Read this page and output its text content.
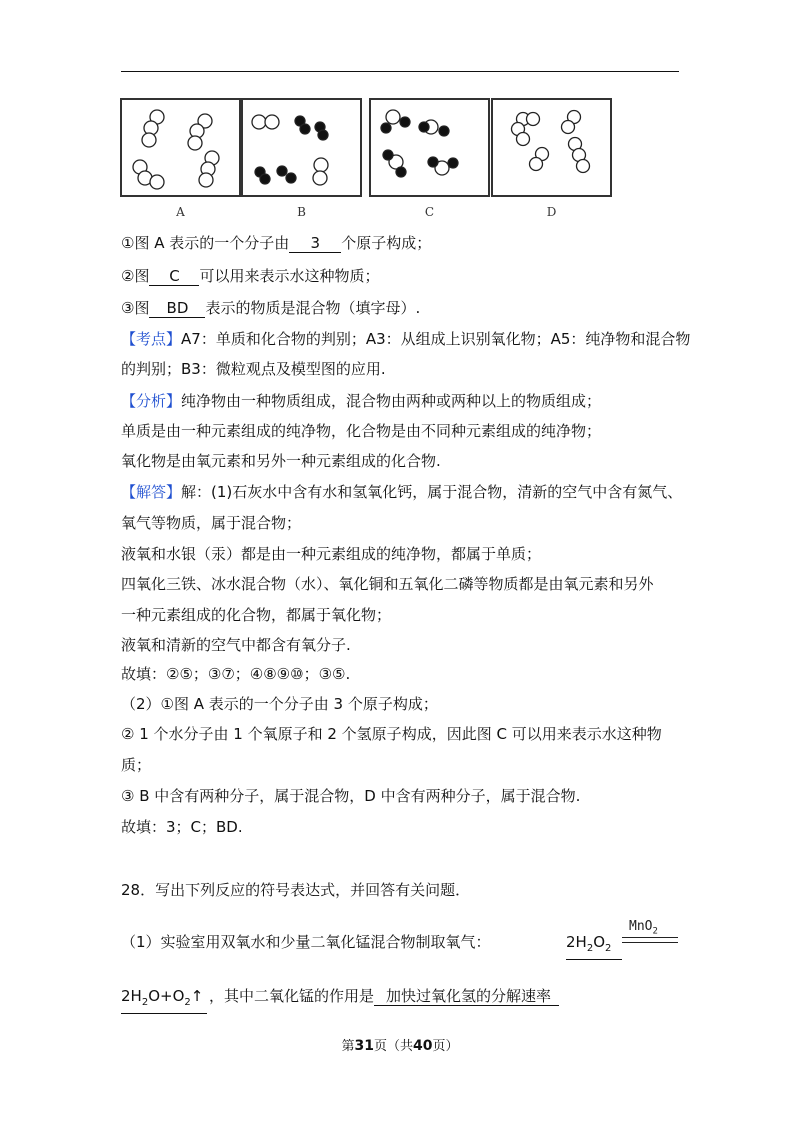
A	B	C	D
①图 A 表示的一个分子由 3 个原子构成；
②图 C 可以用来表示水这种物质；
③图 BD 表示的物质是混合物（填字母）.
【考点】A7：单质和化合物的判别；A3：从组成上识别氧化物；A5：纯净物和混合物
的判别；B3：微粒观点及模型图的应用.
【分析】纯净物由一种物质组成，混合物由两种或两种以上的物质组成；
单质是由一种元素组成的纯净物，化合物是由不同种元素组成的纯净物；
氧化物是由氧元素和另外一种元素组成的化合物.
【解答】解：(1)石灰水中含有水和氢氧化钙，属于混合物，清新的空气中含有氮气、
氧气等物质，属于混合物；
液氧和水银（汞）都是由一种元素组成的纯净物，都属于单质；
四氧化三铁、冰水混合物（水）、氧化铜和五氧化二磷等物质都是由氧元素和另外
一种元素组成的化合物，都属于氧化物；
液氧和清新的空气中都含有氧分子.
故填：②⑤；③⑦；④⑧⑨⑩；③⑤.
（2）①图 A 表示的一个分子由 3 个原子构成；
② 1 个水分子由 1 个氧原子和 2 个氢原子构成，因此图 C 可以用来表示水这种物
质；
③ B 中含有两种分子，属于混合物，D 中含有两种分子，属于混合物.
故填：3；C；BD.
28．写出下列反应的符号表达式，并回答有关问题．
（1）实验室用双氧水和少量二氧化锰混合物制取氧气：	$2H_2O_2$
MnO$_2$
$2H_2O+O_2↑$ ，其中二氧化锰的作用是 加快过氧化氢的分解速率
第31页（共40页）
